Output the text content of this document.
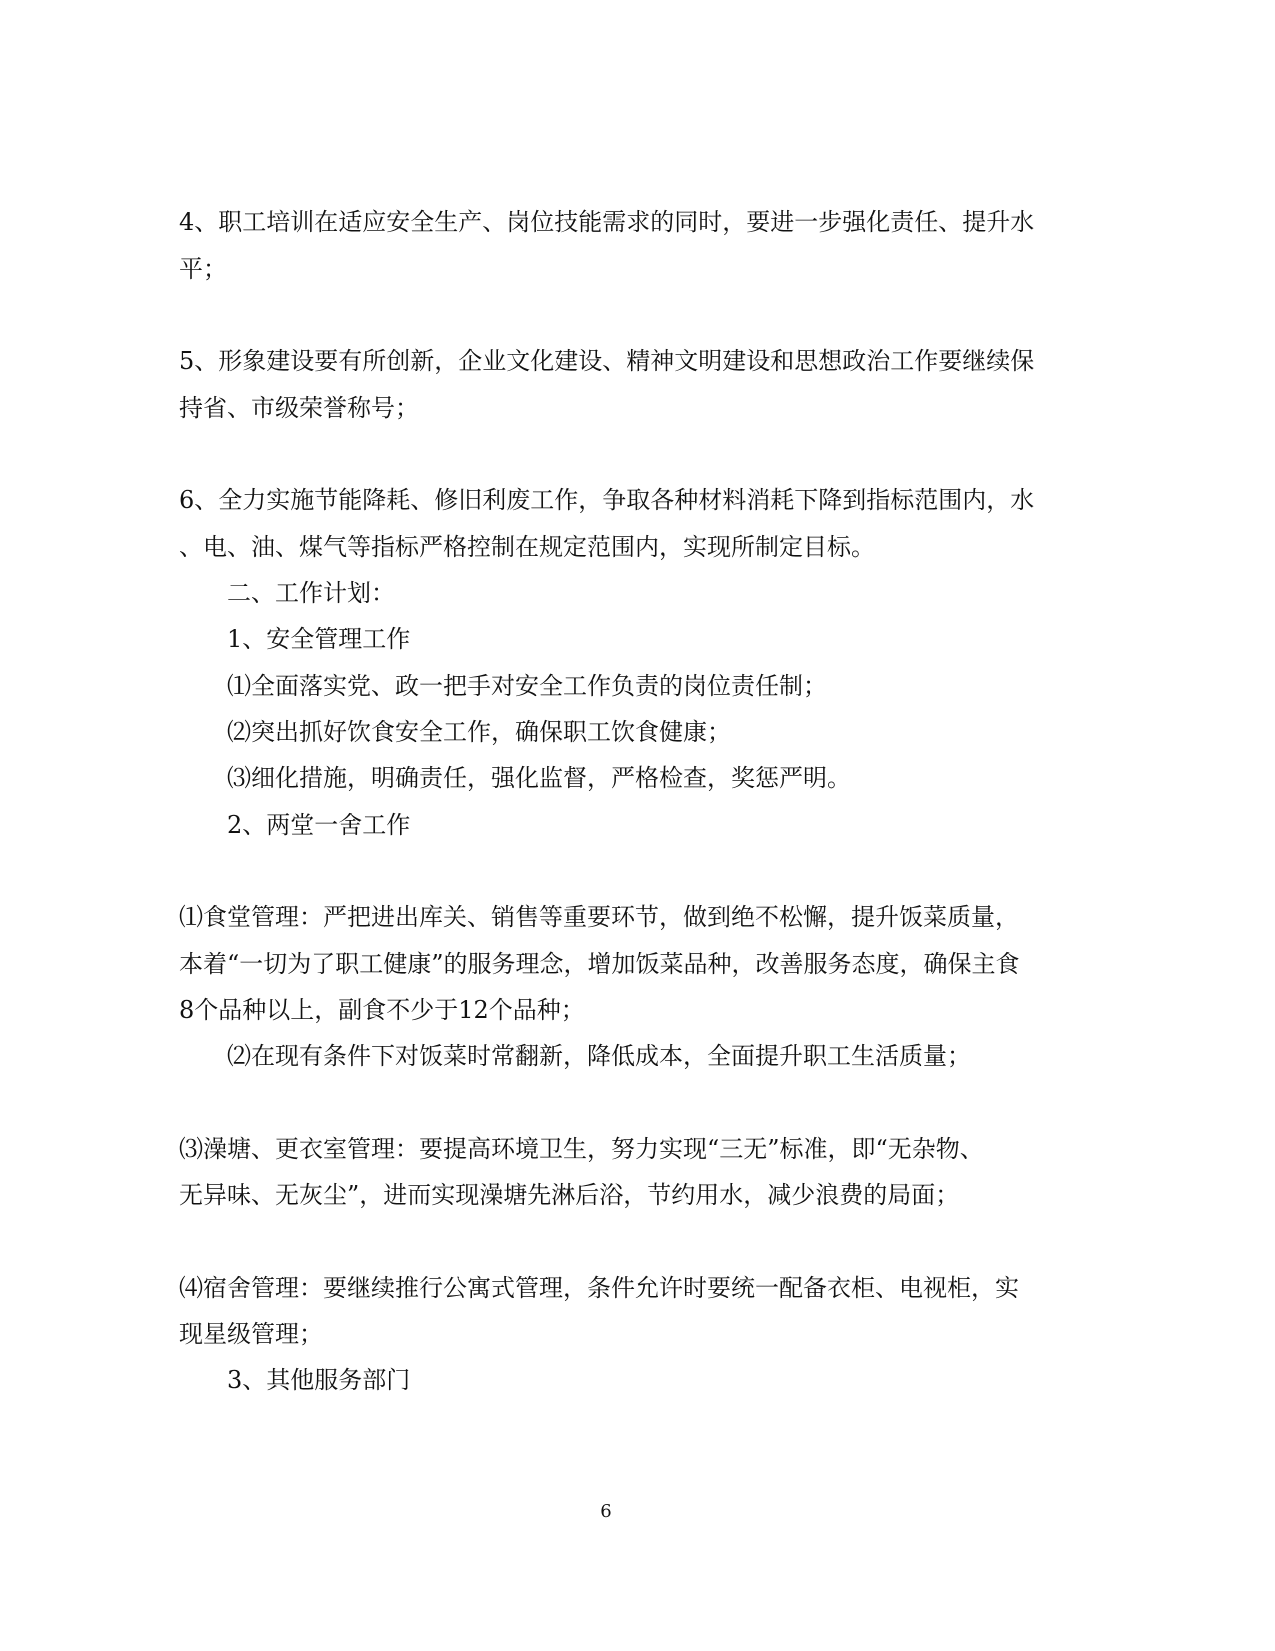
4、职工培训在适应安全生产、岗位技能需求的同时，要进一步强化责任、提升水

平；

5、形象建设要有所创新，企业文化建设、精神文明建设和思想政治工作要继续保

持省、市级荣誉称号；

6、全力实施节能降耗、修旧利废工作，争取各种材料消耗下降到指标范围内，水

、电、油、煤气等指标严格控制在规定范围内，实现所制定目标。

二、工作计划：

1、安全管理工作

⑴全面落实党、政一把手对安全工作负责的岗位责任制；

⑵突出抓好饮食安全工作，确保职工饮食健康；

⑶细化措施，明确责任，强化监督，严格检查，奖惩严明。

2、两堂一舍工作

⑴食堂管理：严把进出库关、销售等重要环节，做到绝不松懈，提升饭菜质量，

本着“一切为了职工健康”的服务理念，增加饭菜品种，改善服务态度，确保主食

8个品种以上，副食不少于12个品种；

⑵在现有条件下对饭菜时常翻新，降低成本，全面提升职工生活质量；

⑶澡塘、更衣室管理：要提高环境卫生，努力实现“三无”标准，即“无杂物、

无异味、无灰尘”，进而实现澡塘先淋后浴，节约用水，减少浪费的局面；

⑷宿舍管理：要继续推行公寓式管理，条件允许时要统一配备衣柜、电视柜，实

现星级管理；

3、其他服务部门

6
